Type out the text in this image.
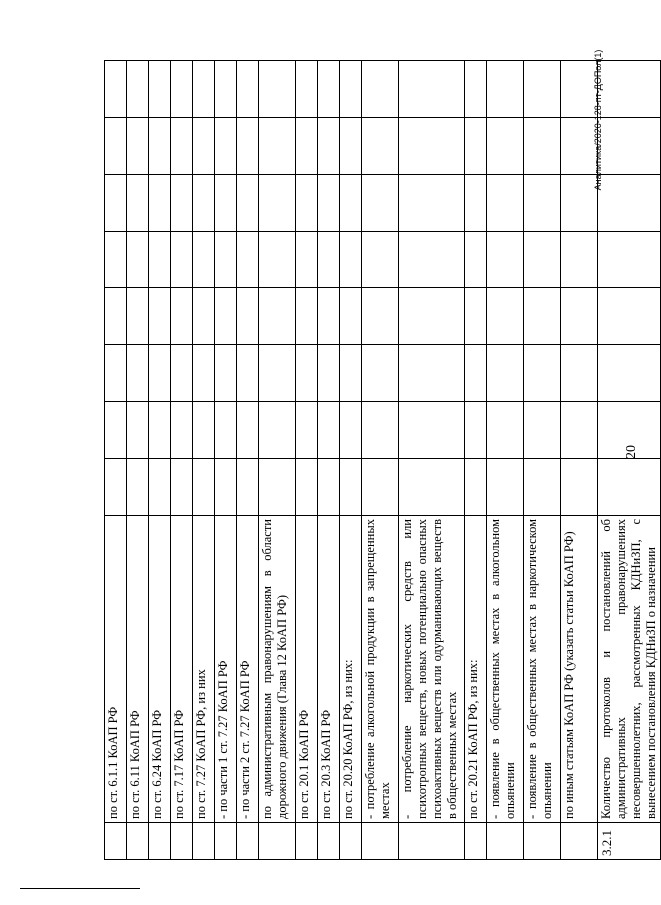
20
Аналитика/2020-128-пт-ДОПол(1)
	по ст. 6.1.1 КоАП РФ								
	по ст. 6.11 КоАП РФ								
	по ст. 6.24 КоАП РФ								
	по ст. 7.17 КоАП РФ								
	по ст. 7.27 КоАП РФ, из них								
	- по части 1 ст. 7.27 КоАП РФ								
	- по части 2 ст. 7.27 КоАП РФ								
	по административным правонарушениям в области дорожного движения (Глава 12 КоАП РФ)								
	по ст. 20.1 КоАП РФ								
	по ст. 20.3 КоАП РФ								
	по ст. 20.20 КоАП РФ, из них:								
	- потребление алкогольной продукции в запрещенных местах								
	- потребление наркотических средств или психотропных веществ, новых потенциально опасных психоактивных веществ или одурманивающих веществ в общественных местах								
	по ст. 20.21 КоАП РФ, из них:								
	- появление в общественных местах в алкогольном опьянении								
	- появление в общественных местах в наркотическом опьянении								
	по иным статьям КоАП РФ (указать статьи КоАП РФ)								
3.2.1	Количество протоколов и постановлений об административных правонарушениях несовершеннолетних, рассмотренных КДНиЗП, с вынесением постановления КДНиЗП о назначении								
